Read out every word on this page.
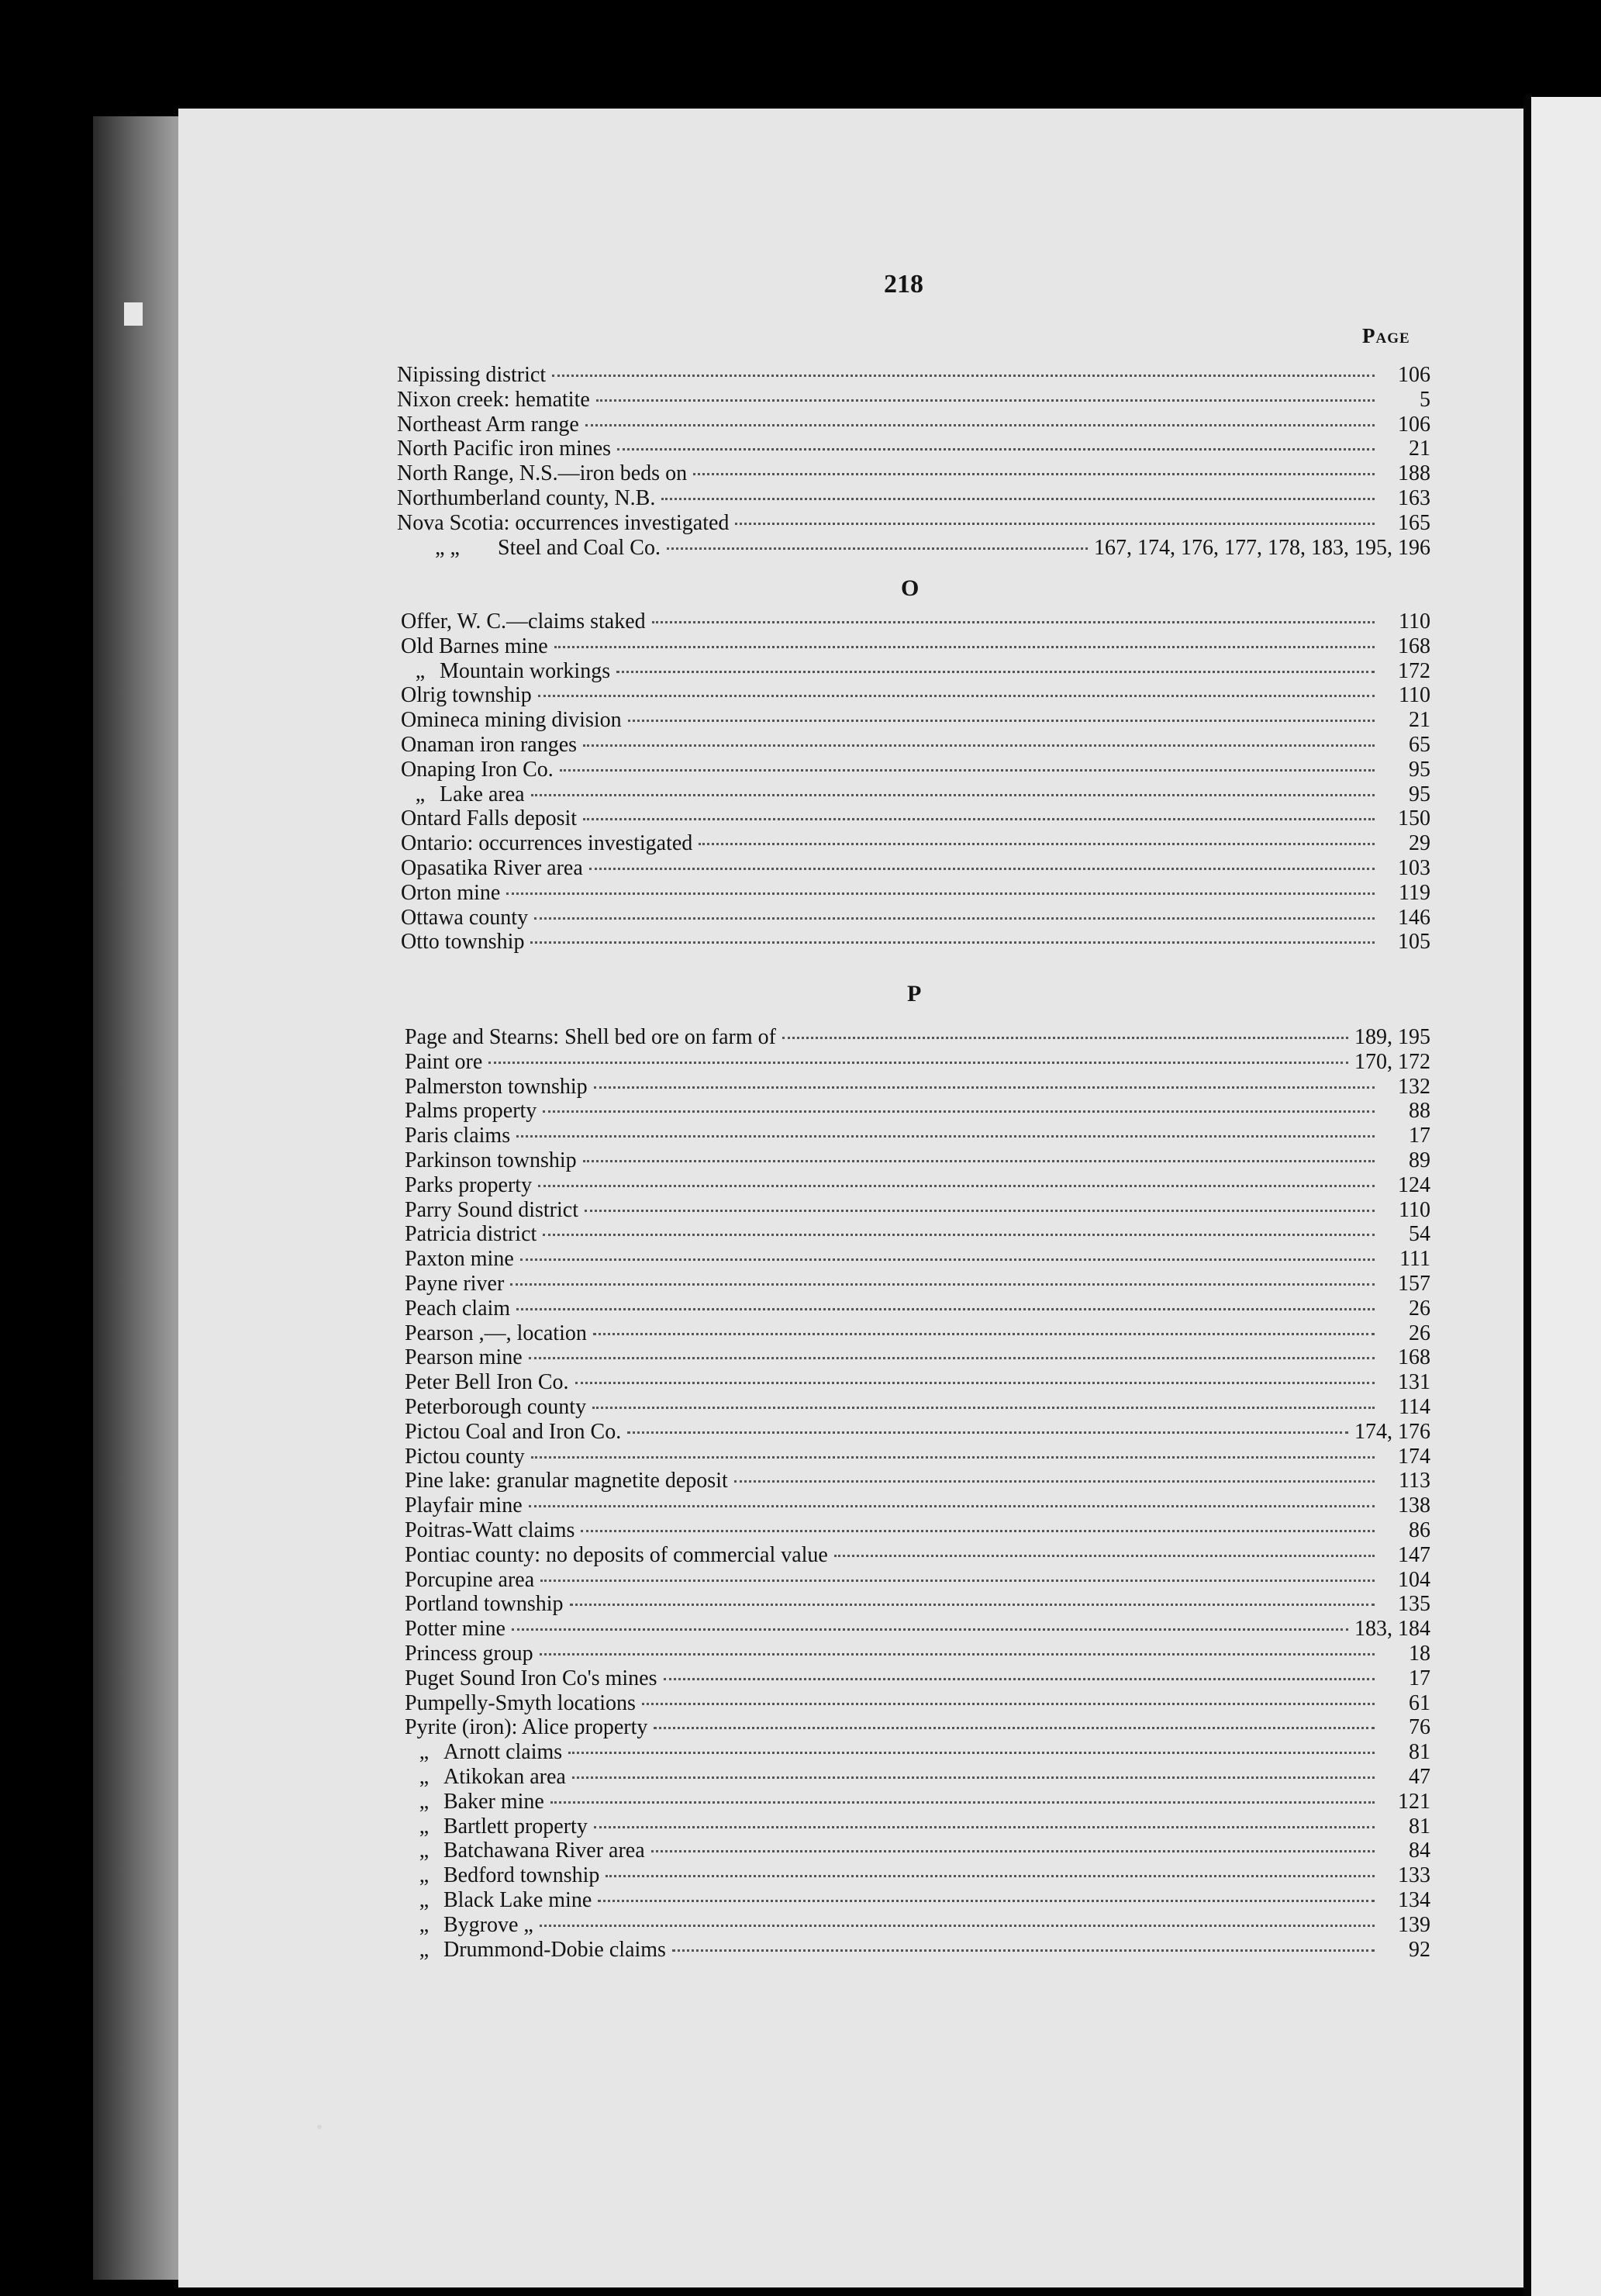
218
Page
Nipissing district	106
Nixon creek: hematite	5
Northeast Arm range	106
North Pacific iron mines	21
North Range, N.S.—iron beds on	188
Northumberland county, N.B.	163
Nova Scotia: occurrences investigated	165
„ „	Steel and Coal Co.	167, 174, 176, 177, 178, 183, 195, 196
O
Offer, W. C.—claims staked	110
Old Barnes mine	168
„ Mountain workings	172
Olrig township	110
Omineca mining division	21
Onaman iron ranges	65
Onaping Iron Co.	95
„ Lake area	95
Ontard Falls deposit	150
Ontario: occurrences investigated	29
Opasatika River area	103
Orton mine	119
Ottawa county	146
Otto township	105
P
Page and Stearns: Shell bed ore on farm of	189, 195
Paint ore	170, 172
Palmerston township	132
Palms property	88
Paris claims	17
Parkinson township	89
Parks property	124
Parry Sound district	110
Patricia district	54
Paxton mine	111
Payne river	157
Peach claim	26
Pearson ,—, location	26
Pearson mine	168
Peter Bell Iron Co.	131
Peterborough county	114
Pictou Coal and Iron Co.	174, 176
Pictou county	174
Pine lake: granular magnetite deposit	113
Playfair mine	138
Poitras-Watt claims	86
Pontiac county: no deposits of commercial value	147
Porcupine area	104
Portland township	135
Potter mine	183, 184
Princess group	18
Puget Sound Iron Co's mines	17
Pumpelly-Smyth locations	61
Pyrite (iron): Alice property	76
„ Arnott claims	81
„ Atikokan area	47
„ Baker mine	121
„ Bartlett property	81
„ Batchawana River area	84
„ Bedford township	133
„ Black Lake mine	134
„ Bygrove „	139
„ Drummond-Dobie claims	92
